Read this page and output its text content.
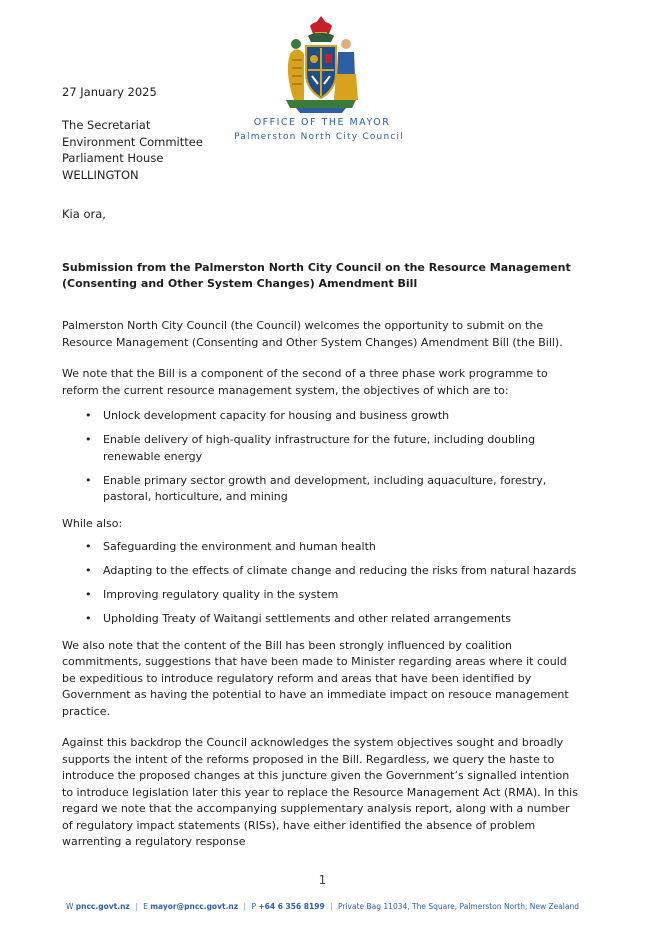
OFFICE OF THE MAYOR
Palmerston North City Council
27 January 2025
The Secretariat
Environment Committee
Parliament House
WELLINGTON
Kia ora,
Submission from the Palmerston North City Council on the Resource Management (Consenting and Other System Changes) Amendment Bill

Palmerston North City Council (the Council) welcomes the opportunity to submit on the Resource Management (Consenting and Other System Changes) Amendment Bill (the Bill).

We note that the Bill is a component of the second of a three phase work programme to reform the current resource management system, the objectives of which are to:

• Unlock development capacity for housing and business growth
• Enable delivery of high-quality infrastructure for the future, including doubling renewable energy
• Enable primary sector growth and development, including aquaculture, forestry, pastoral, horticulture, and mining

While also:

• Safeguarding the environment and human health
• Adapting to the effects of climate change and reducing the risks from natural hazards
• Improving regulatory quality in the system
• Upholding Treaty of Waitangi settlements and other related arrangements

We also note that the content of the Bill has been strongly influenced by coalition commitments, suggestions that have been made to Minister regarding areas where it could be expeditious to introduce regulatory reform and areas that have been identified by Government as having the potential to have an immediate impact on resouce management practice.

Against this backdrop the Council acknowledges the system objectives sought and broadly supports the intent of the reforms proposed in the Bill. Regardless, we query the haste to introduce the proposed changes at this juncture given the Government’s signalled intention to introduce legislation later this year to replace the Resource Management Act (RMA). In this regard we note that the accompanying supplementary analysis report, along with a number of regulatory impact statements (RISs), have either identified the absence of problem warrenting a regulatory response

1
W pncc.govt.nz | E mayor@pncc.govt.nz | P +64 6 356 8199 | Private Bag 11034, The Square, Palmerston North, New Zealand
